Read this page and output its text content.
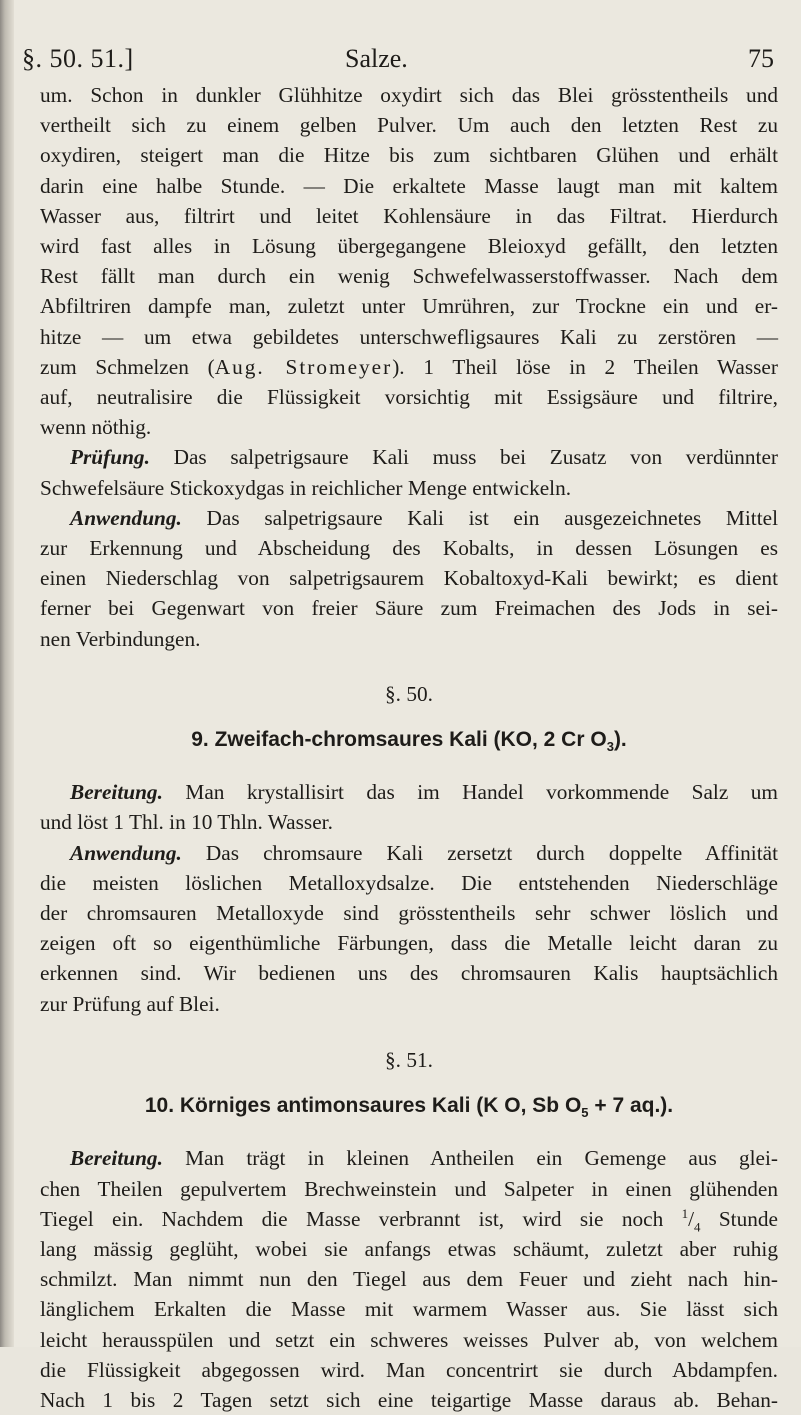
§. 50. 51.]	Salze.	75

um. Schon in dunkler Glühhitze oxydirt sich das Blei grösstentheils und

vertheilt sich zu einem gelben Pulver. Um auch den letzten Rest zu

oxydiren, steigert man die Hitze bis zum sichtbaren Glühen und erhält

darin eine halbe Stunde. — Die erkaltete Masse laugt man mit kaltem

Wasser aus, filtrirt und leitet Kohlensäure in das Filtrat. Hierdurch

wird fast alles in Lösung übergegangene Bleioxyd gefällt, den letzten

Rest fällt man durch ein wenig Schwefelwasserstoffwasser. Nach dem

Abfiltriren dampfe man, zuletzt unter Umrühren, zur Trockne ein und er-

hitze — um etwa gebildetes unterschwefligsaures Kali zu zerstören —

zum Schmelzen (Aug. Stromeyer). 1 Theil löse in 2 Theilen Wasser

auf, neutralisire die Flüssigkeit vorsichtig mit Essigsäure und filtrire,

wenn nöthig.

Prüfung. Das salpetrigsaure Kali muss bei Zusatz von verdünnter

Schwefelsäure Stickoxydgas in reichlicher Menge entwickeln.

Anwendung. Das salpetrigsaure Kali ist ein ausgezeichnetes Mittel

zur Erkennung und Abscheidung des Kobalts, in dessen Lösungen es

einen Niederschlag von salpetrigsaurem Kobaltoxyd-Kali bewirkt; es dient

ferner bei Gegenwart von freier Säure zum Freimachen des Jods in sei-

nen Verbindungen.

§. 50.

9. Zweifach-chromsaures Kali (KO, 2 Cr $O_3$).

Bereitung. Man krystallisirt das im Handel vorkommende Salz um

und löst 1 Thl. in 10 Thln. Wasser.

Anwendung. Das chromsaure Kali zersetzt durch doppelte Affinität

die meisten löslichen Metalloxydsalze. Die entstehenden Niederschläge

der chromsauren Metalloxyde sind grösstentheils sehr schwer löslich und

zeigen oft so eigenthümliche Färbungen, dass die Metalle leicht daran zu

erkennen sind. Wir bedienen uns des chromsauren Kalis hauptsächlich

zur Prüfung auf Blei.

§. 51.

10. Körniges antimonsaures Kali (K O, Sb $O_5 + 7$ aq.).

Bereitung. Man trägt in kleinen Antheilen ein Gemenge aus glei-

chen Theilen gepulvertem Brechweinstein und Salpeter in einen glühenden

Tiegel ein. Nachdem die Masse verbrannt ist, wird sie noch $^1/_4$ Stunde

lang mässig geglüht, wobei sie anfangs etwas schäumt, zuletzt aber ruhig

schmilzt. Man nimmt nun den Tiegel aus dem Feuer und zieht nach hin-

länglichem Erkalten die Masse mit warmem Wasser aus. Sie lässt sich

leicht herausspülen und setzt ein schweres weisses Pulver ab, von welchem

die Flüssigkeit abgegossen wird. Man concentrirt sie durch Abdampfen.

Nach 1 bis 2 Tagen setzt sich eine teigartige Masse daraus ab. Behan-
